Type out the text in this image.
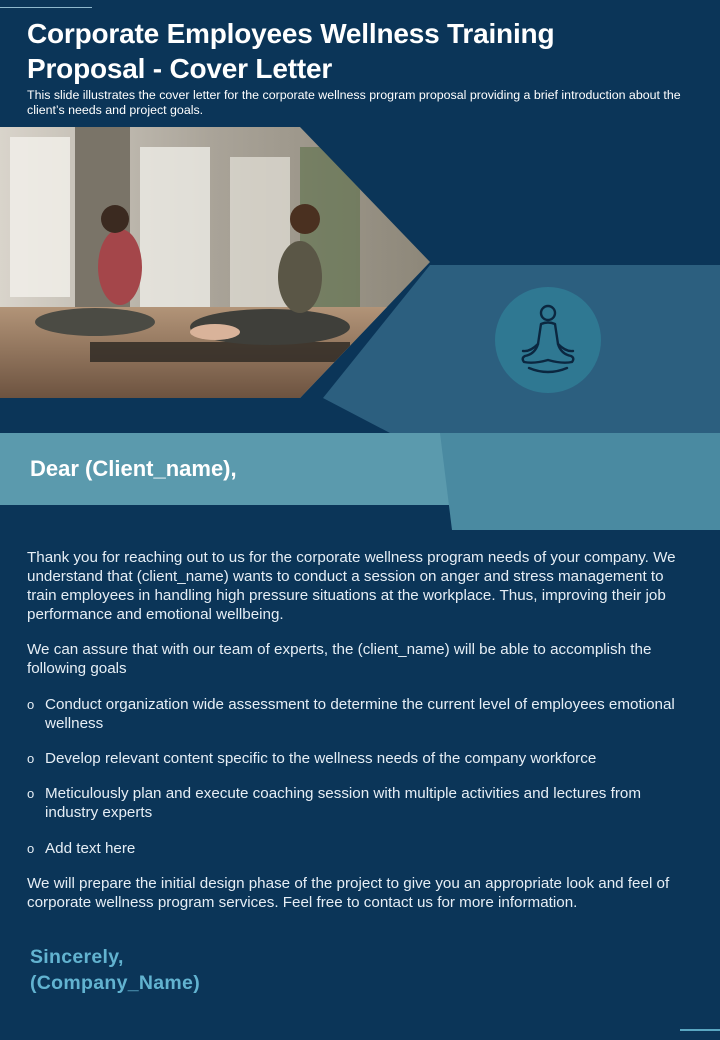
Corporate Employees Wellness Training Proposal - Cover Letter

This slide illustrates the cover letter for the corporate wellness program proposal providing a brief introduction about the client’s needs and project goals.

Dear (Client_name),

Thank you for reaching out to us for the corporate wellness program needs of your company. We understand that (client_name) wants to conduct a session on anger and stress management to train employees in handling high pressure situations at the workplace. Thus, improving their job performance and emotional wellbeing.

We can assure that with our team of experts, the (client_name) will be able to accomplish the following goals

o Conduct organization wide assessment to determine the current level of employees emotional wellness
o Develop relevant content specific to the wellness needs of the company workforce
o Meticulously plan and execute coaching session with multiple activities and lectures from industry experts
o Add text here

We will prepare the initial design phase of the project to give you an appropriate look and feel of corporate wellness program services. Feel free to contact us for more information.

Sincerely,
(Company_Name)
